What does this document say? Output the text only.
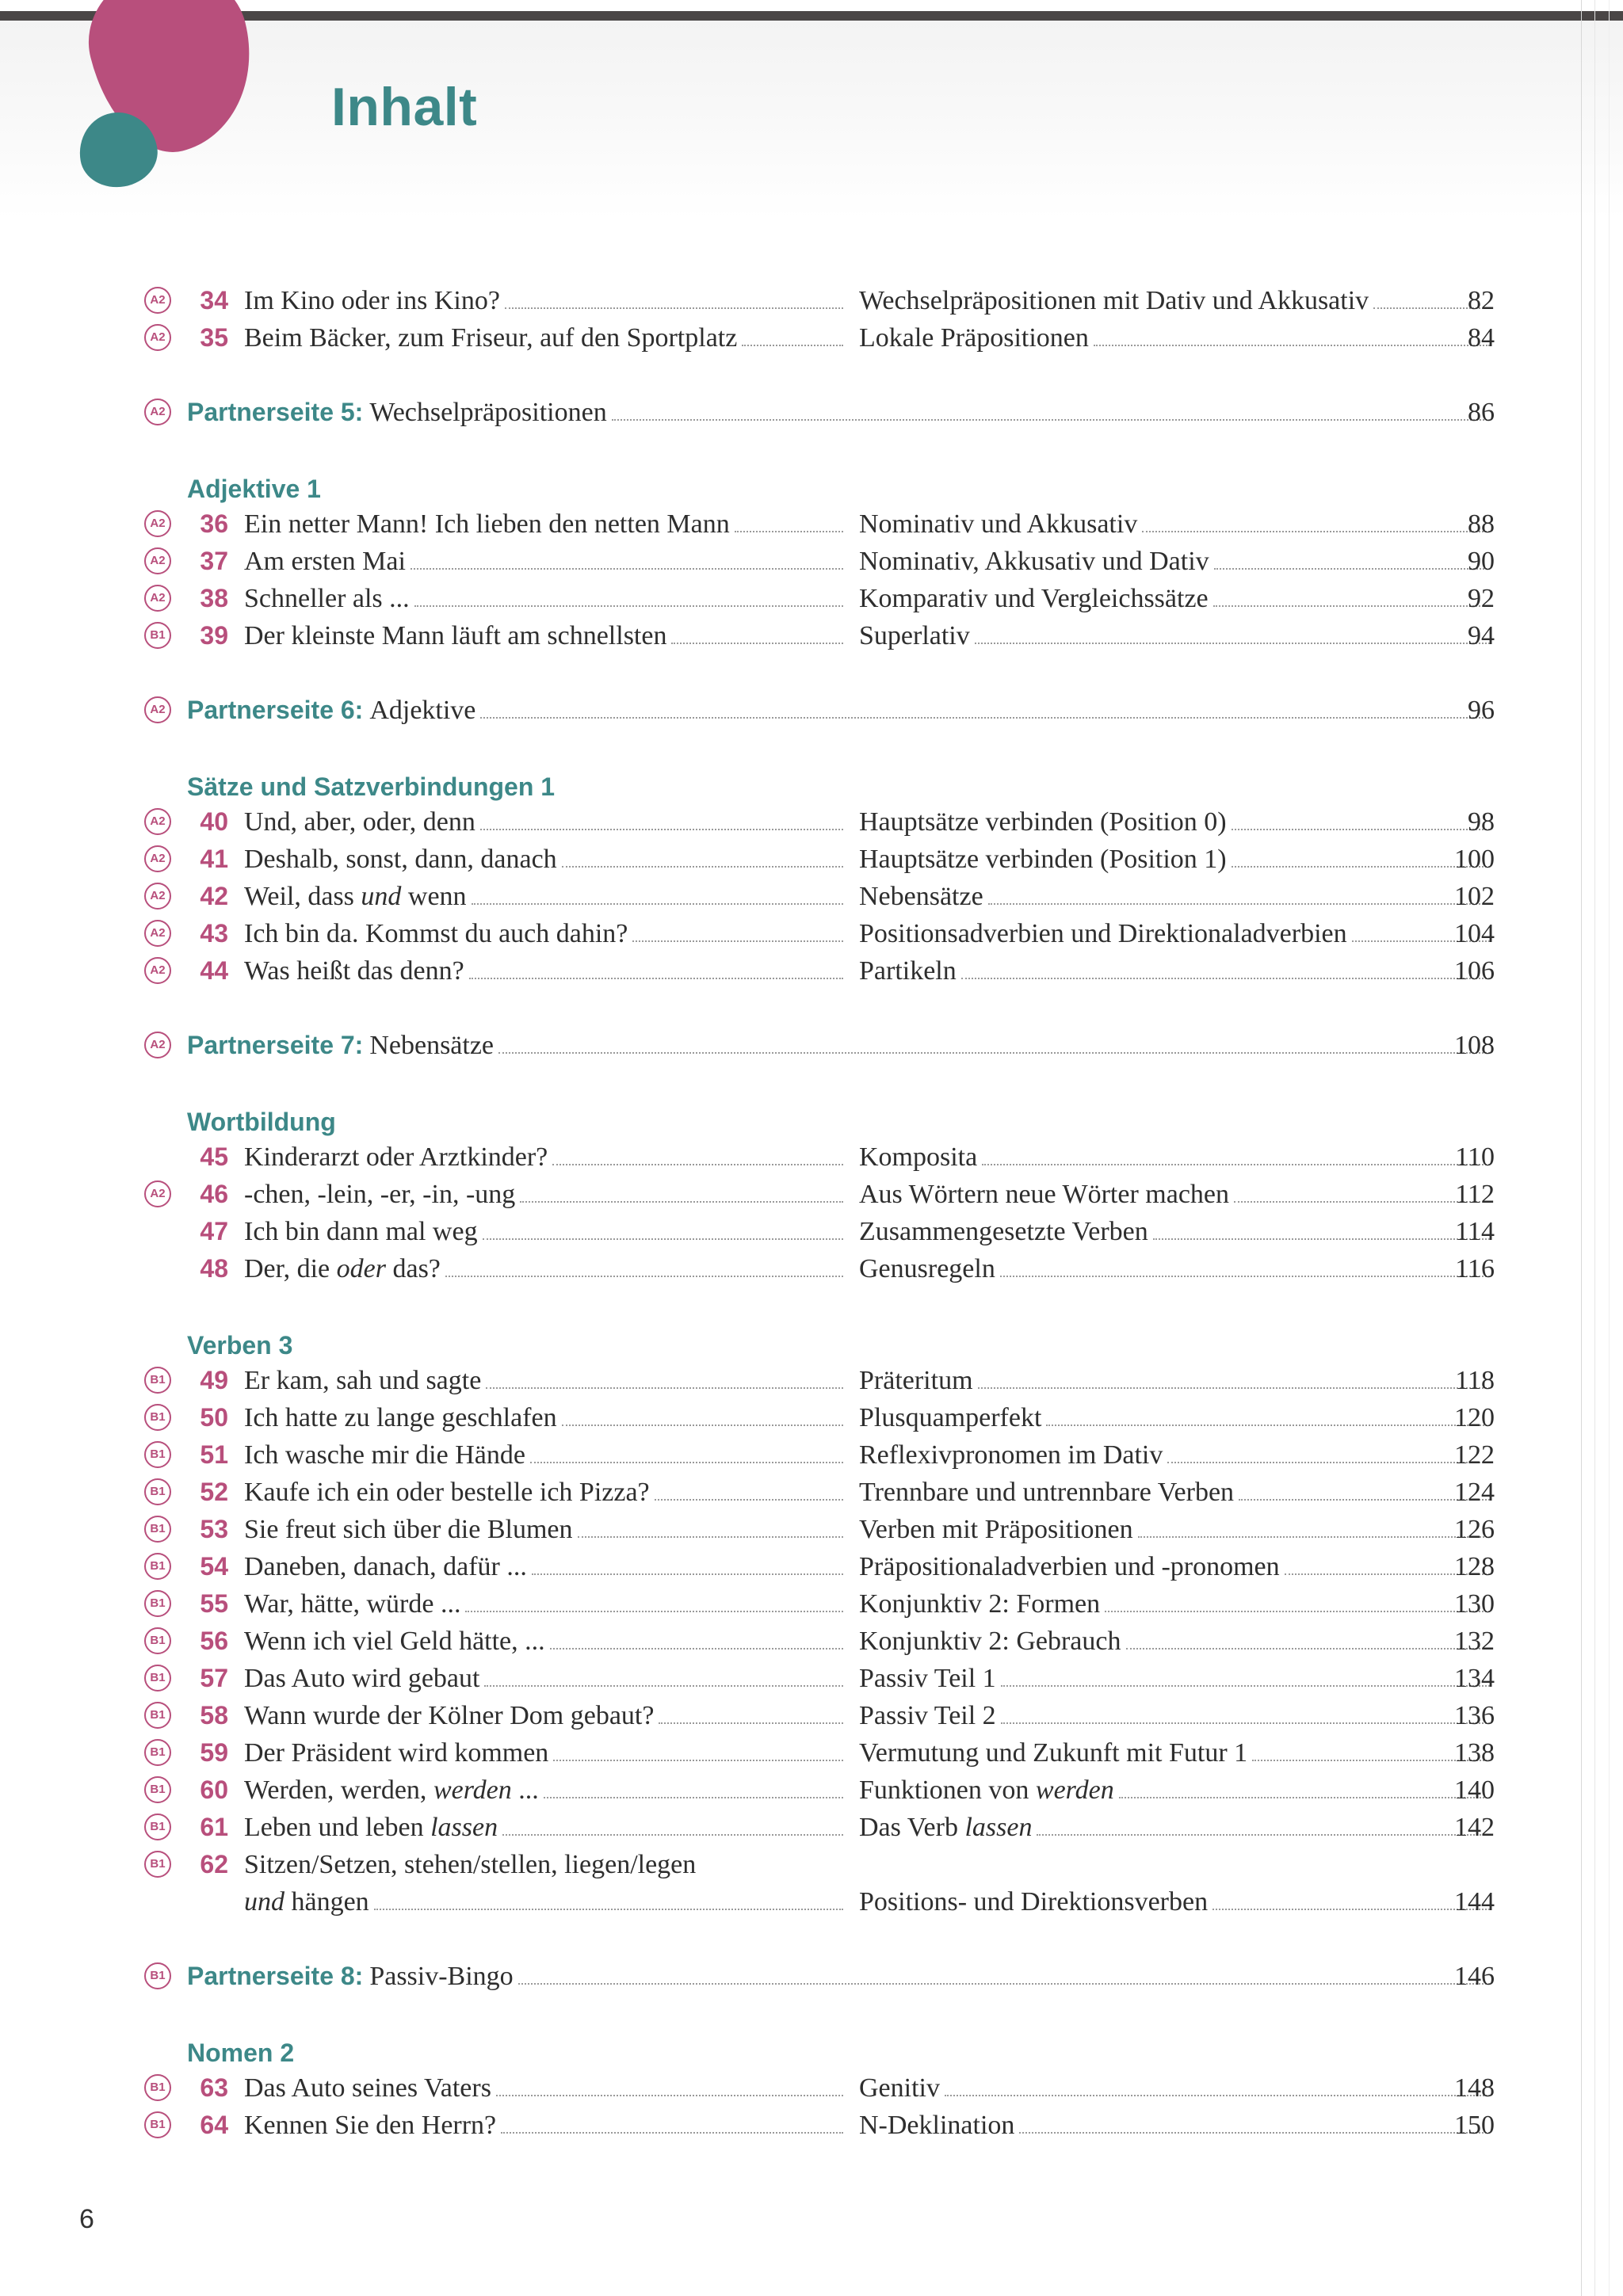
Inhalt
A2	34 Im Kino oder ins Kino?	Wechselpräpositionen mit Dativ und Akkusativ	82
A2	35 Beim Bäcker, zum Friseur, auf den Sportplatz	Lokale Präpositionen	84
A2 Partnerseite 5: Wechselpräpositionen	86
Adjektive 1
A2	36 Ein netter Mann! Ich lieben den netten Mann	Nominativ und Akkusativ	88
A2	37 Am ersten Mai	Nominativ, Akkusativ und Dativ	90
A2	38 Schneller als ...	Komparativ und Vergleichssätze	92
B1	39 Der kleinste Mann läuft am schnellsten	Superlativ	94
A2 Partnerseite 6: Adjektive	96
Sätze und Satzverbindungen 1
A2	40 Und, aber, oder, denn	Hauptsätze verbinden (Position 0)	98
A2	41 Deshalb, sonst, dann, danach	Hauptsätze verbinden (Position 1)	100
A2	42 Weil, dass und wenn	Nebensätze	102
A2	43 Ich bin da. Kommst du auch dahin?	Positionsadverbien und Direktionaladverbien	104
A2	44 Was heißt das denn?	Partikeln	106
A2 Partnerseite 7: Nebensätze	108
Wortbildung
45 Kinderarzt oder Arztkinder?	Komposita	110
A2	46 -chen, -lein, -er, -in, -ung	Aus Wörtern neue Wörter machen	112
47 Ich bin dann mal weg	Zusammengesetzte Verben	114
48 Der, die oder das?	Genusregeln	116
Verben 3
B1	49 Er kam, sah und sagte	Präteritum	118
B1	50 Ich hatte zu lange geschlafen	Plusquamperfekt	120
B1	51 Ich wasche mir die Hände	Reflexivpronomen im Dativ	122
B1	52 Kaufe ich ein oder bestelle ich Pizza?	Trennbare und untrennbare Verben	124
B1	53 Sie freut sich über die Blumen	Verben mit Präpositionen	126
B1	54 Daneben, danach, dafür ...	Präpositionaladverbien und -pronomen	128
B1	55 War, hätte, würde ...	Konjunktiv 2: Formen	130
B1	56 Wenn ich viel Geld hätte, ...	Konjunktiv 2: Gebrauch	132
B1	57 Das Auto wird gebaut	Passiv Teil 1	134
B1	58 Wann wurde der Kölner Dom gebaut?	Passiv Teil 2	136
B1	59 Der Präsident wird kommen	Vermutung und Zukunft mit Futur 1	138
B1	60 Werden, werden, werden ...	Funktionen von werden	140
B1	61 Leben und leben lassen	Das Verb lassen	142
B1	62 Sitzen/Setzen, stehen/stellen, liegen/legen
und hängen	Positions- und Direktionsverben	144
B1 Partnerseite 8: Passiv-Bingo	146
Nomen 2
B1	63 Das Auto seines Vaters	Genitiv	148
B1	64 Kennen Sie den Herrn?	N-Deklination	150
6
